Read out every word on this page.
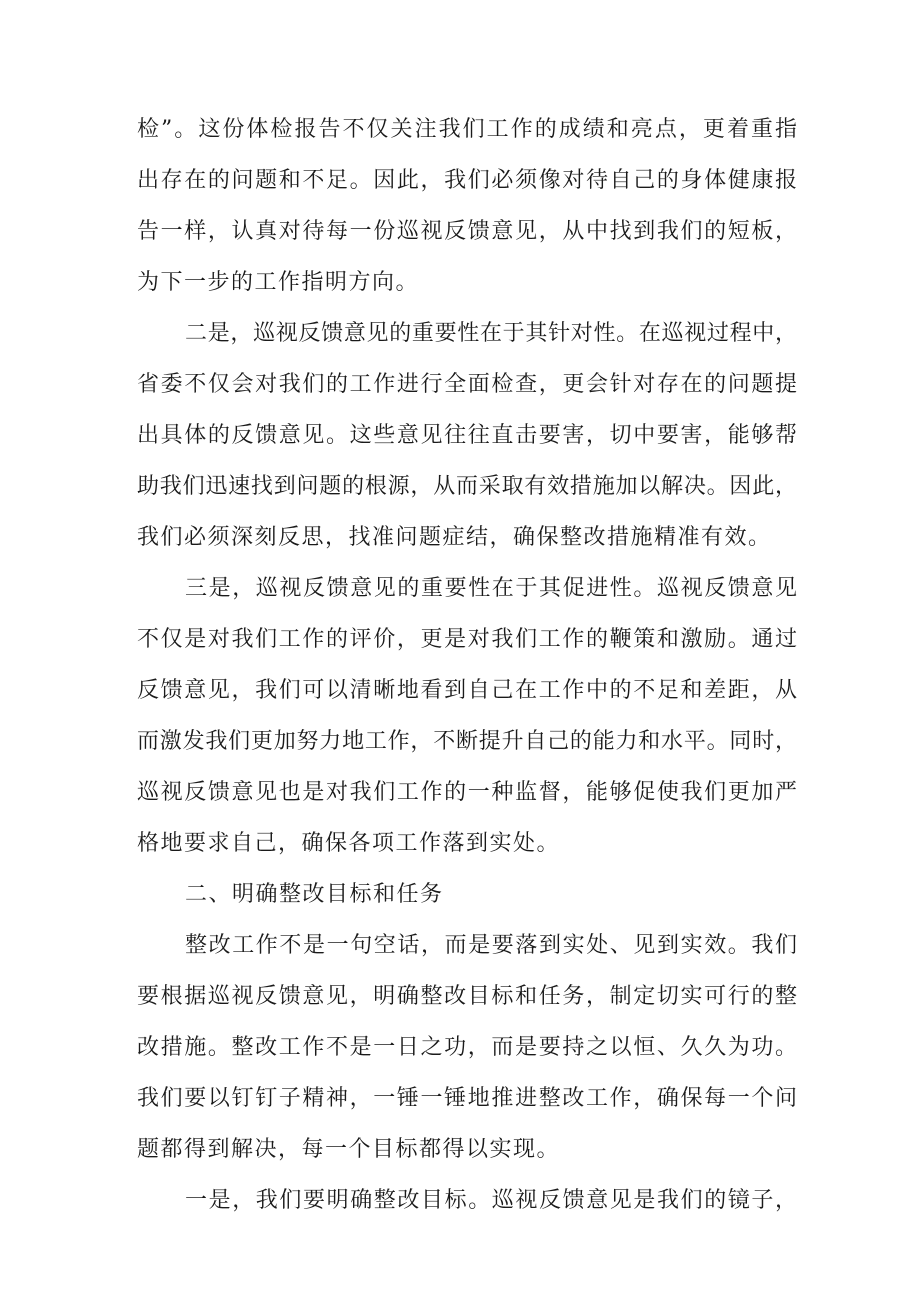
检”。这份体检报告不仅关注我们工作的成绩和亮点，更着重指
出存在的问题和不足。因此，我们必须像对待自己的身体健康报
告一样，认真对待每一份巡视反馈意见，从中找到我们的短板，
为下一步的工作指明方向。
二是，巡视反馈意见的重要性在于其针对性。在巡视过程中，
省委不仅会对我们的工作进行全面检查，更会针对存在的问题提
出具体的反馈意见。这些意见往往直击要害，切中要害，能够帮
助我们迅速找到问题的根源，从而采取有效措施加以解决。因此，
我们必须深刻反思，找准问题症结，确保整改措施精准有效。
三是，巡视反馈意见的重要性在于其促进性。巡视反馈意见
不仅是对我们工作的评价，更是对我们工作的鞭策和激励。通过
反馈意见，我们可以清晰地看到自己在工作中的不足和差距，从
而激发我们更加努力地工作，不断提升自己的能力和水平。同时，
巡视反馈意见也是对我们工作的一种监督，能够促使我们更加严
格地要求自己，确保各项工作落到实处。
二、明确整改目标和任务
整改工作不是一句空话，而是要落到实处、见到实效。我们
要根据巡视反馈意见，明确整改目标和任务，制定切实可行的整
改措施。整改工作不是一日之功，而是要持之以恒、久久为功。
我们要以钉钉子精神，一锤一锤地推进整改工作，确保每一个问
题都得到解决，每一个目标都得以实现。
一是，我们要明确整改目标。巡视反馈意见是我们的镜子，
